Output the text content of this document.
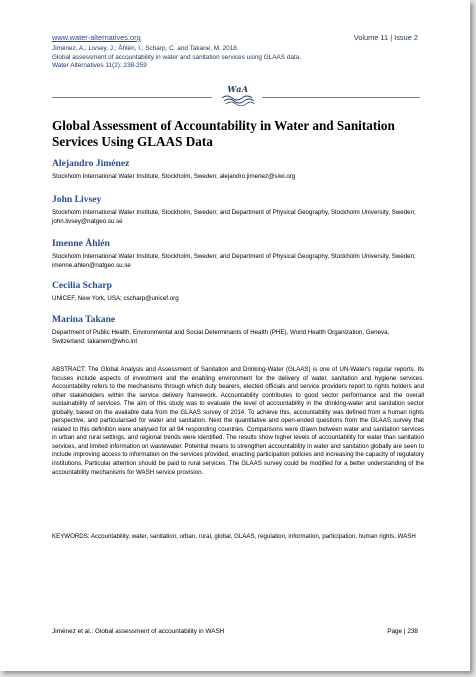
www.water-alternatives.org	Volume 11 | Issue 2
Jiménez, A.; Livsey, J.; Åhlén, I.; Scharp, C. and Takane, M. 2018.
Global assessment of accountability in water and sanitation services using GLAAS data.
Water Alternatives 11(2): 238-259
WaA
Global Assessment of Accountability in Water and Sanitation Services Using GLAAS Data
Alejandro Jiménez
Stockholm International Water Institute, Stockholm, Sweden; alejandro.jimenez@siwi.org
John Livsey
Stockholm International Water Institute, Stockholm, Sweden; and Department of Physical Geography, Stockholm University, Sweden; john.livsey@natgeo.su.se
Imenne Åhlén
Stockholm International Water Institute, Stockholm, Sweden; and Department of Physical Geography, Stockholm University, Sweden; imenne.ahlen@natgeo.su.se
Cecilia Scharp
UNICEF, New York, USA; cscharp@unicef.org
Marina Takane
Department of Public Health, Environmental and Social Determinants of Health (PHE), World Health Organization, Geneva, Switzerland; takanem@who.int
ABSTRACT: The Global Analysis and Assessment of Sanitation and Drinking-Water (GLAAS) is one of UN-Water's regular reports. Its focuses include aspects of investment and the enabling environment for the delivery of water, sanitation and hygiene services. Accountability refers to the mechanisms through which duty bearers, elected officials and service providers report to rights holders and other stakeholders within the service delivery framework. Accountability contributes to good sector performance and the overall sustainability of services. The aim of this study was to evaluate the level of accountability in the drinking-water and sanitation sector globally, based on the available data from the GLAAS survey of 2014. To achieve this, accountability was defined from a human rights perspective, and particularised for water and sanitation. Next the quantitative and open-ended questions from the GLAAS survey that related to this definition were analysed for all 94 responding countries. Comparisons were drawn between water and sanitation services in urban and rural settings, and regional trends were identified. The results show higher levels of accountability for water than sanitation services, and limited information on wastewater. Potential means to strengthen accountability in water and sanitation globally are seen to include improving access to information on the services provided, enacting participation policies and increasing the capacity of regulatory institutions. Particular attention should be paid to rural services. The GLAAS survey could be modified for a better understanding of the accountability mechanisms for WASH service provision.
KEYWORDS: Accountability, water, sanitation, urban, rural, global, GLAAS, regulation, information, participation, human rights, WASH
Jiménez et al.: Global assessment of accountability in WASH	Page | 238
